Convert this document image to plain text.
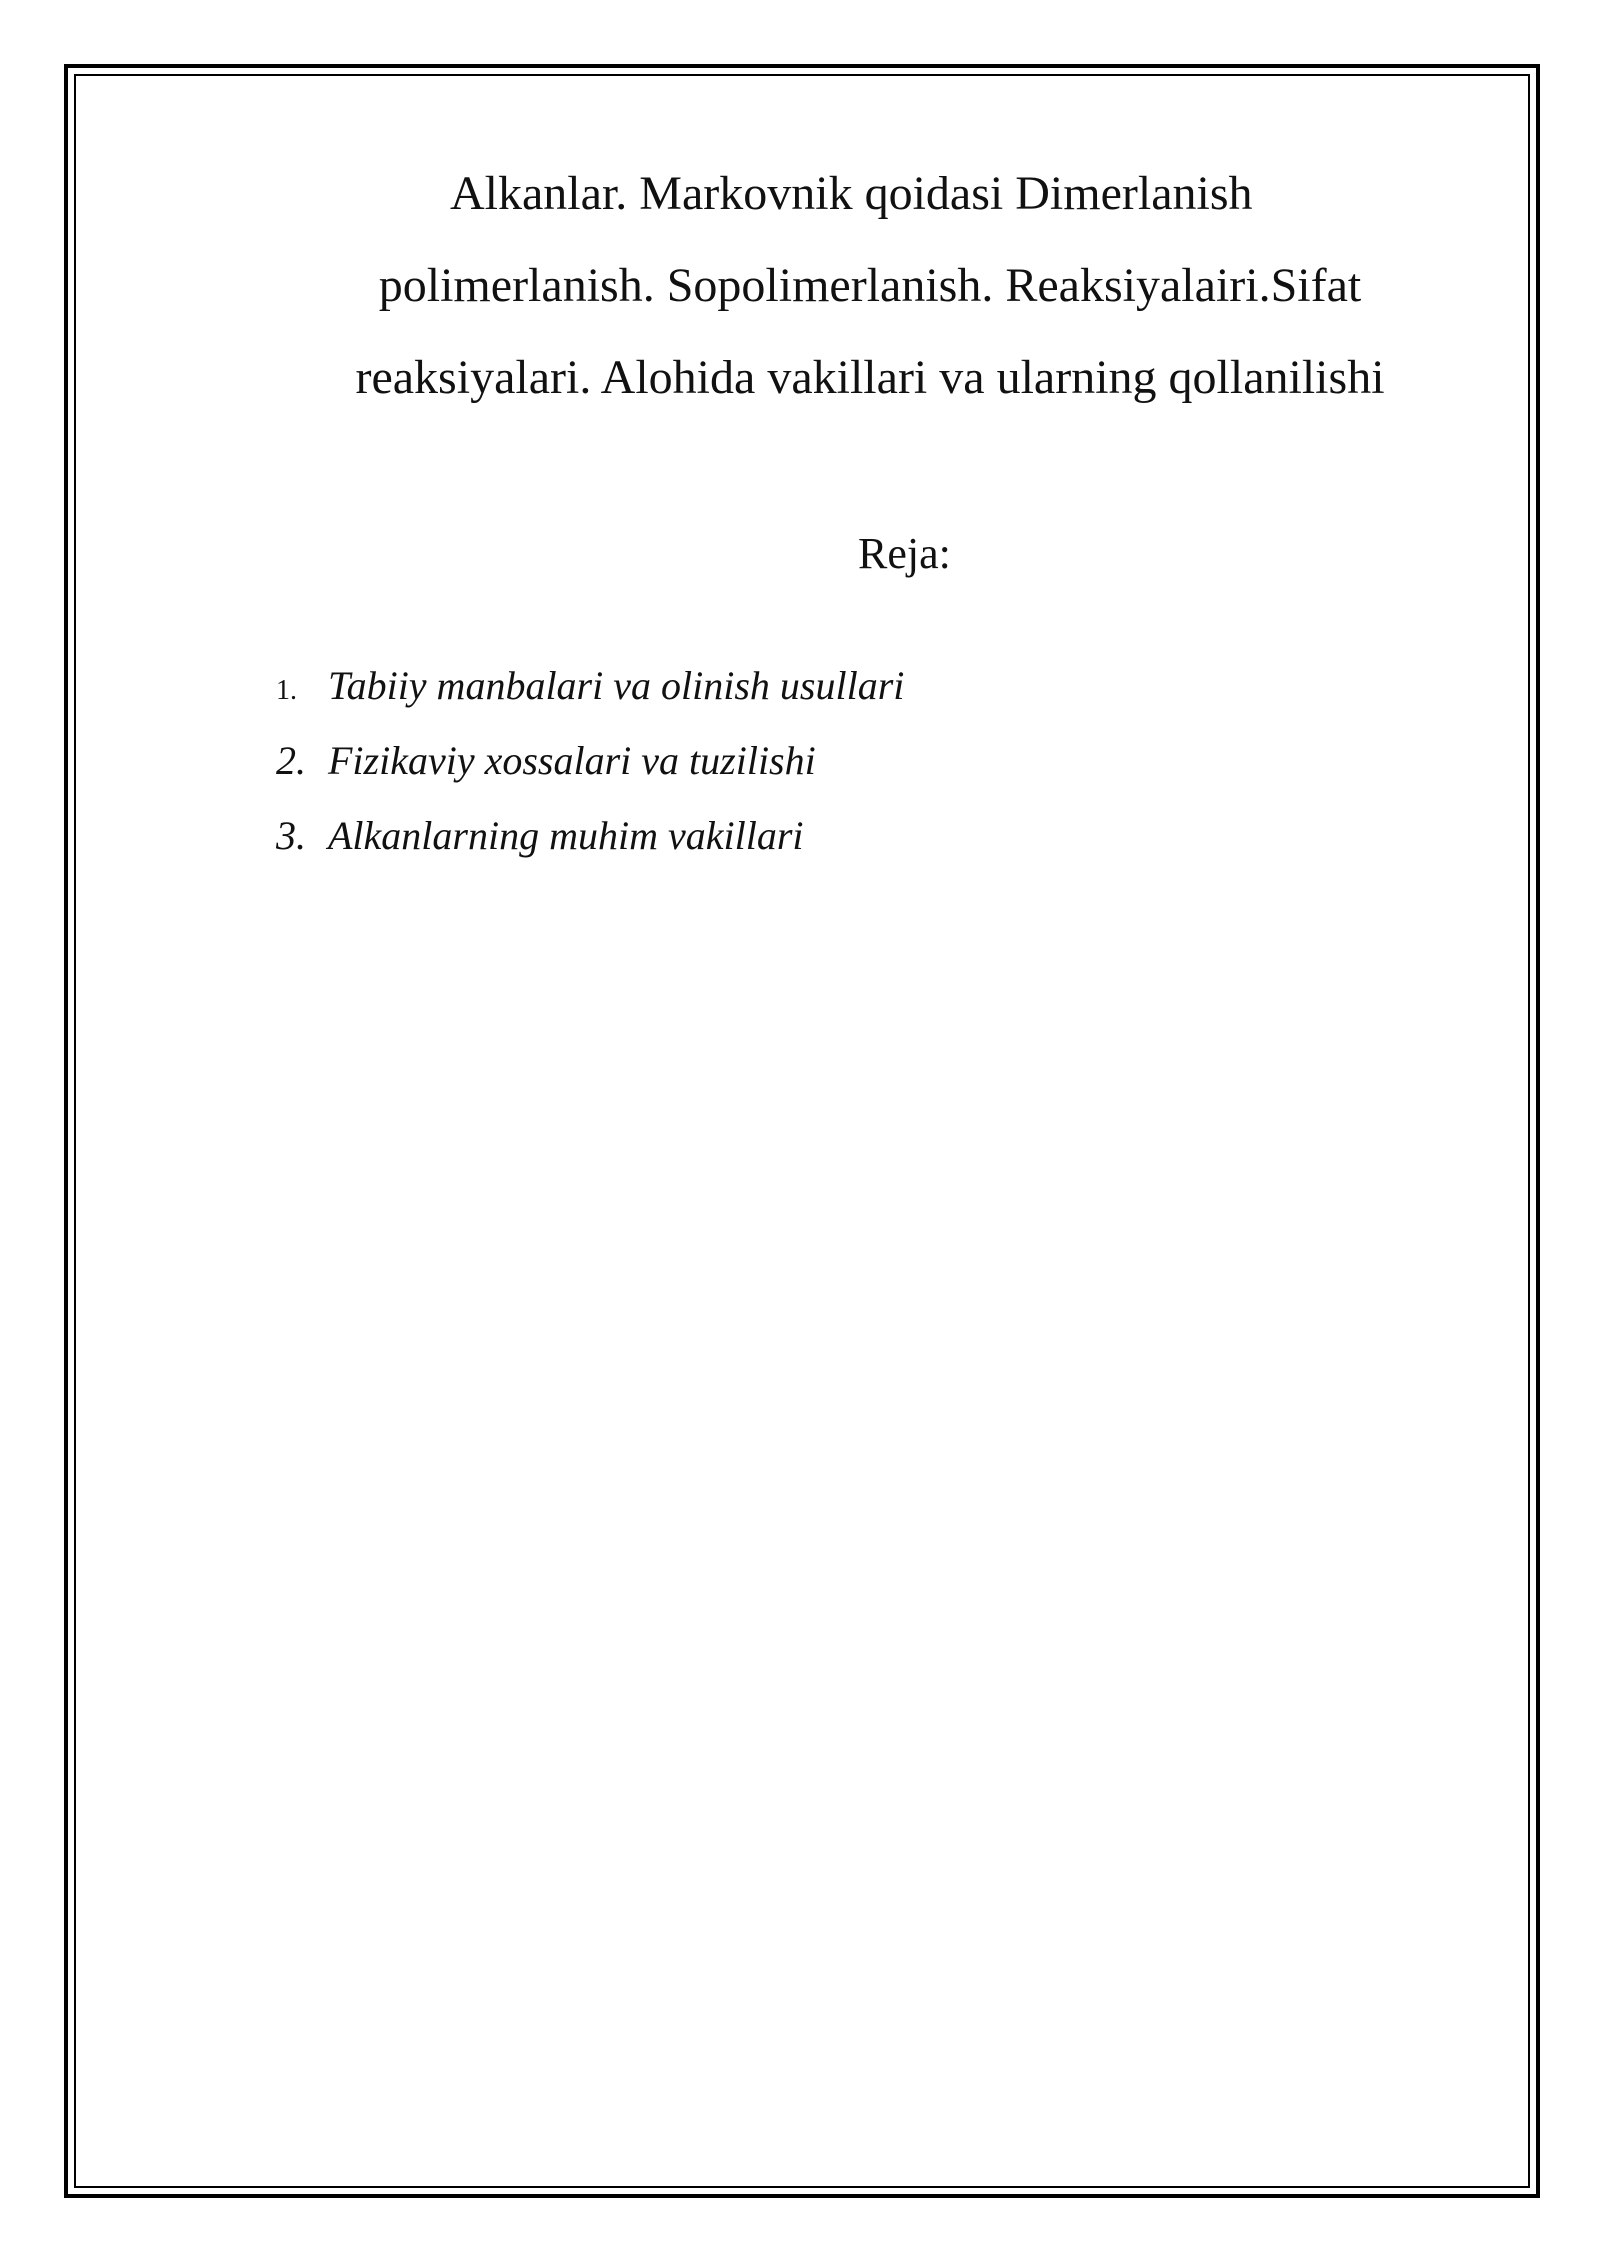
Alkanlar. Markovnik qoidasi Dimerlanish
polimerlanish. Sopolimerlanish. Reaksiyalairi.Sifat
reaksiyalari. Alohida vakillari va ularning qollanilishi
Reja:
1. Tabiiy manbalari va olinish usullari
2. Fizikaviy xossalari va tuzilishi
3. Alkanlarning muhim vakillari
